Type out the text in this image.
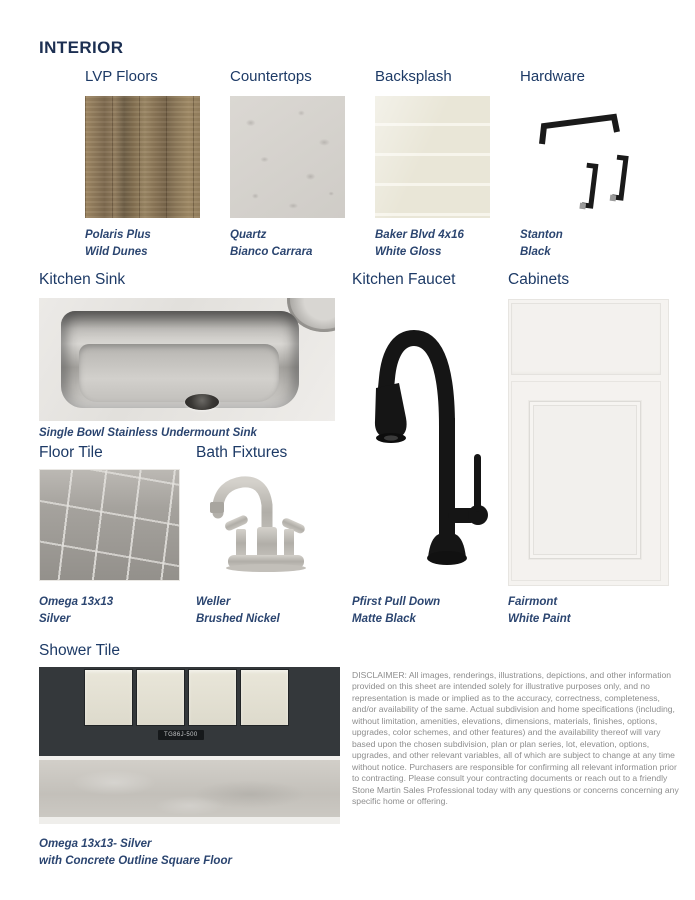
INTERIOR
LVP Floors	Countertops	Backsplash	Hardware
Polaris Plus
Wild Dunes
Quartz
Bianco Carrara
Baker Blvd 4x16
White Gloss
Stanton
Black
Kitchen Sink	Kitchen Faucet	Cabinets
Single Bowl Stainless Undermount Sink
Floor Tile	Bath Fixtures
Omega 13x13
Silver
Weller
Brushed Nickel
Pfirst Pull Down
Matte Black
Fairmont
White Paint
Shower Tile
TG86J-500
DISCLAIMER: All images, renderings, illustrations, depictions, and other information provided on this sheet are intended solely for illustrative purposes only, and no representation is made or implied as to the accuracy, correctness, completeness, and/or availability of the same. Actual subdivision and home specifications (including, without limitation, amenities, elevations, dimensions, materials, finishes, options, upgrades, color schemes, and other features) and the availability thereof will vary based upon the chosen subdivision, plan or plan series, lot, elevation, options, upgrades, and other relevant variables, all of which are subject to change at any time without notice. Purchasers are responsible for confirming all relevant information prior to contracting. Please consult your contracting documents or reach out to a friendly Stone Martin Sales Professional today with any questions or concerns concerning any specific home or offering.
Omega 13x13- Silver
with Concrete Outline Square Floor
